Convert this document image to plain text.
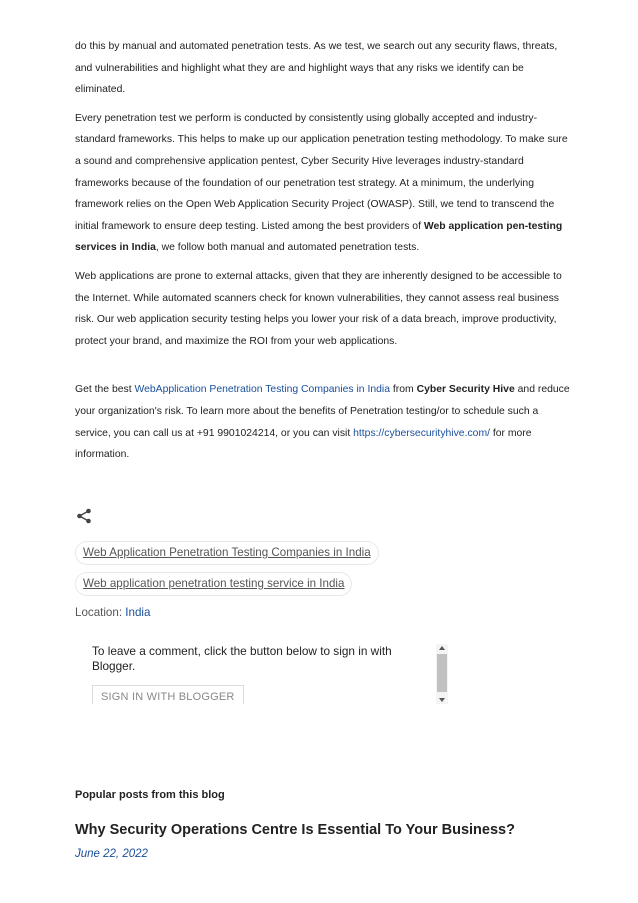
do this by manual and automated penetration tests. As we test, we search out any security flaws, threats, and vulnerabilities and highlight what they are and highlight ways that any risks we identify can be eliminated.

Every penetration test we perform is conducted by consistently using globally accepted and industry-standard frameworks. This helps to make up our application penetration testing methodology. To make sure a sound and comprehensive application pentest, Cyber Security Hive leverages industry-standard frameworks because of the foundation of our penetration test strategy. At a minimum, the underlying framework relies on the Open Web Application Security Project (OWASP). Still, we tend to transcend the initial framework to ensure deep testing. Listed among the best providers of Web application pen-testing services in India, we follow both manual and automated penetration tests.

Web applications are prone to external attacks, given that they are inherently designed to be accessible to the Internet. While automated scanners check for known vulnerabilities, they cannot assess real business risk. Our web application security testing helps you lower your risk of a data breach, improve productivity, protect your brand, and maximize the ROI from your web applications.

Get the best WebApplication Penetration Testing Companies in India from Cyber Security Hive and reduce your organization's risk. To learn more about the benefits of Penetration testing/or to schedule such a service, you can call us at +91 9901024214, or you can visit https://cybersecurityhive.com/ for more information.

Web Application Penetration Testing Companies in India
Web application penetration testing service in India
Location: India
To leave a comment, click the button below to sign in with Blogger.
SIGN IN WITH BLOGGER
Popular posts from this blog
Why Security Operations Centre Is Essential To Your Business?
June 22, 2022
